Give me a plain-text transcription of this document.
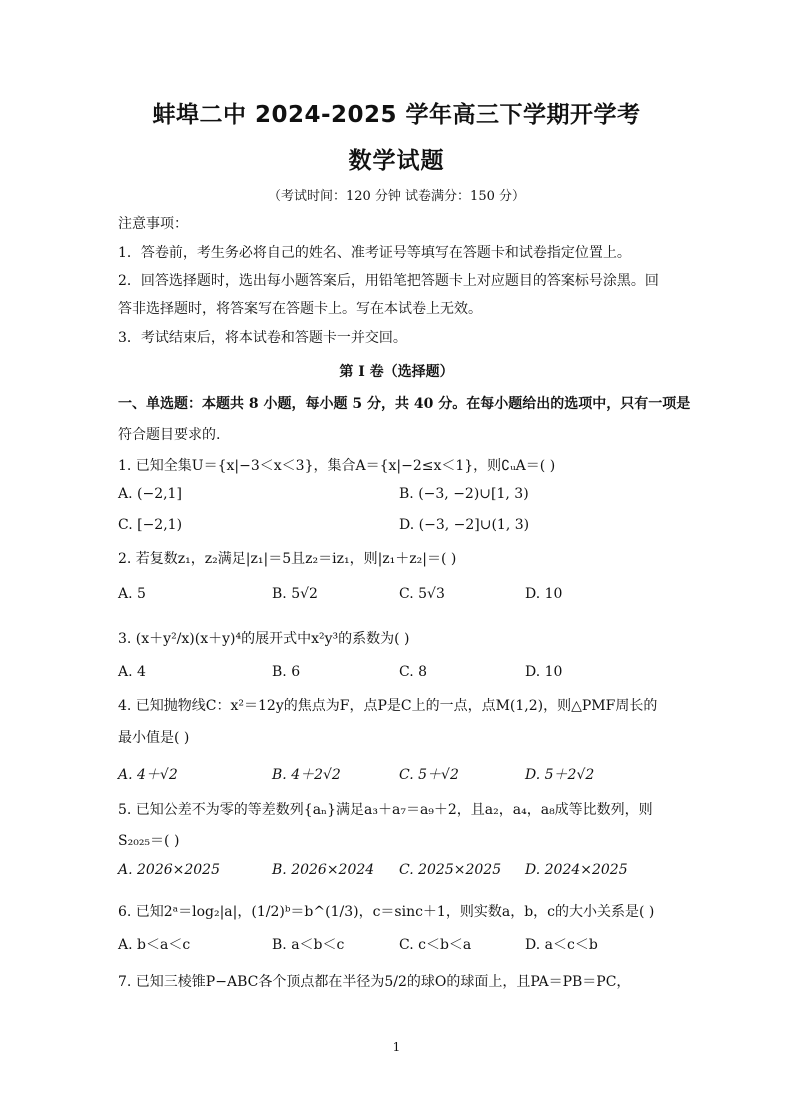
蚌埠二中 2024-2025 学年高三下学期开学考
数学试题
（考试时间：120 分钟 试卷满分：150 分）
注意事项：
1．答卷前，考生务必将自己的姓名、准考证号等填写在答题卡和试卷指定位置上。
2．回答选择题时，选出每小题答案后，用铅笔把答题卡上对应题目的答案标号涂黑。回
答非选择题时，将答案写在答题卡上。写在本试卷上无效。
3．考试结束后，将本试卷和答题卡一并交回。
第 I 卷（选择题）
一、单选题：本题共 8 小题，每小题 5 分，共 40 分。在每小题给出的选项中，只有一项是
符合题目要求的.
1. 已知全集U＝{x|−3＜x＜3}，集合A＝{x|−2≤x＜1}，则∁ᵤA＝( )
A. (−2,1]	B. (−3, −2)∪[1, 3)
C. [−2,1)	D. (−3, −2]∪(1, 3)
2. 若复数z₁，z₂满足|z₁|＝5且z₂＝iz₁，则|z₁＋z₂|＝( )
A. 5	B. 5√2	C. 5√3	D. 10
3. (x＋y²/x)(x＋y)⁴的展开式中x²y³的系数为( )
A. 4	B. 6	C. 8	D. 10
4. 已知抛物线C：x²＝12y的焦点为F，点P是C上的一点，点M(1,2)，则△PMF周长的
最小值是( )
A. 4＋√2	B. 4＋2√2	C. 5＋√2	D. 5＋2√2
5. 已知公差不为零的等差数列{aₙ}满足a₃＋a₇＝a₉＋2，且a₂，a₄，a₈成等比数列，则
S₂₀₂₅＝( )
A. 2026×2025	B. 2026×2024 C. 2025×2025 D. 2024×2025
6. 已知2ᵃ＝log₂|a|，(1/2)ᵇ＝b^(1/3)，c＝sinc＋1，则实数a，b，c的大小关系是( )
A. b＜a＜c	B. a＜b＜c	C. c＜b＜a	D. a＜c＜b
7. 已知三棱锥P−ABC各个顶点都在半径为5/2的球O的球面上，且PA＝PB＝PC，
1
